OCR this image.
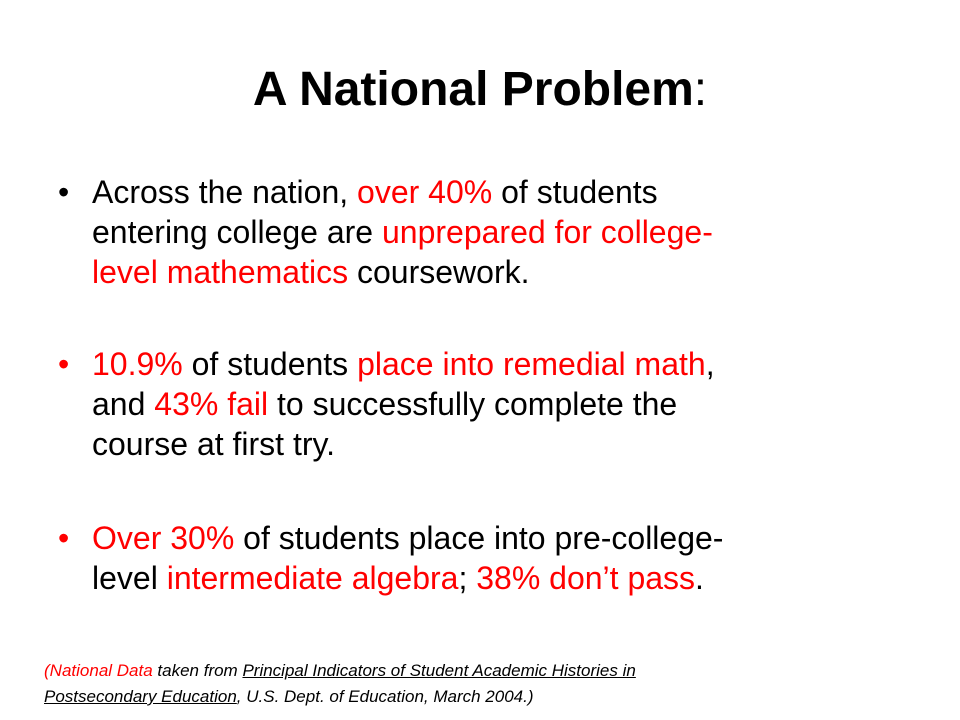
A National Problem:
• Across the nation, over 40% of students
entering college are unprepared for college-
level mathematics coursework.
• 10.9% of students place into remedial math,
and 43% fail to successfully complete the
course at first try.
• Over 30% of students place into pre-college-
level intermediate algebra; 38% don’t pass.
(National Data taken from Principal Indicators of Student Academic Histories in
Postsecondary Education, U.S. Dept. of Education, March 2004.)
